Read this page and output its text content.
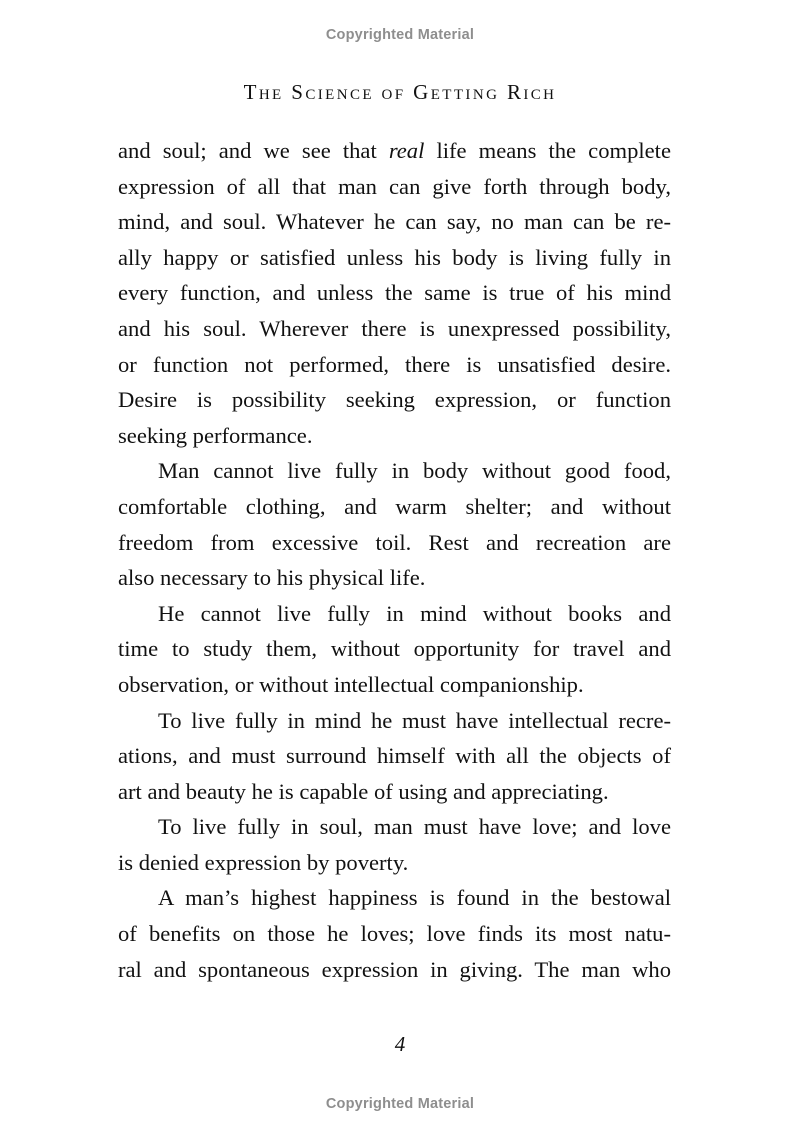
Copyrighted Material
The Science of Getting Rich
and soul; and we see that real life means the complete
expression of all that man can give forth through body,
mind, and soul. Whatever he can say, no man can be re-
ally happy or satisfied unless his body is living fully in
every function, and unless the same is true of his mind
and his soul. Wherever there is unexpressed possibility,
or function not performed, there is unsatisfied desire.
Desire is possibility seeking expression, or function
seeking performance.
Man cannot live fully in body without good food,
comfortable clothing, and warm shelter; and without
freedom from excessive toil. Rest and recreation are
also necessary to his physical life.
He cannot live fully in mind without books and
time to study them, without opportunity for travel and
observation, or without intellectual companionship.
To live fully in mind he must have intellectual recre-
ations, and must surround himself with all the objects of
art and beauty he is capable of using and appreciating.
To live fully in soul, man must have love; and love
is denied expression by poverty.
A man’s highest happiness is found in the bestowal
of benefits on those he loves; love finds its most natu-
ral and spontaneous expression in giving. The man who
4
Copyrighted Material
